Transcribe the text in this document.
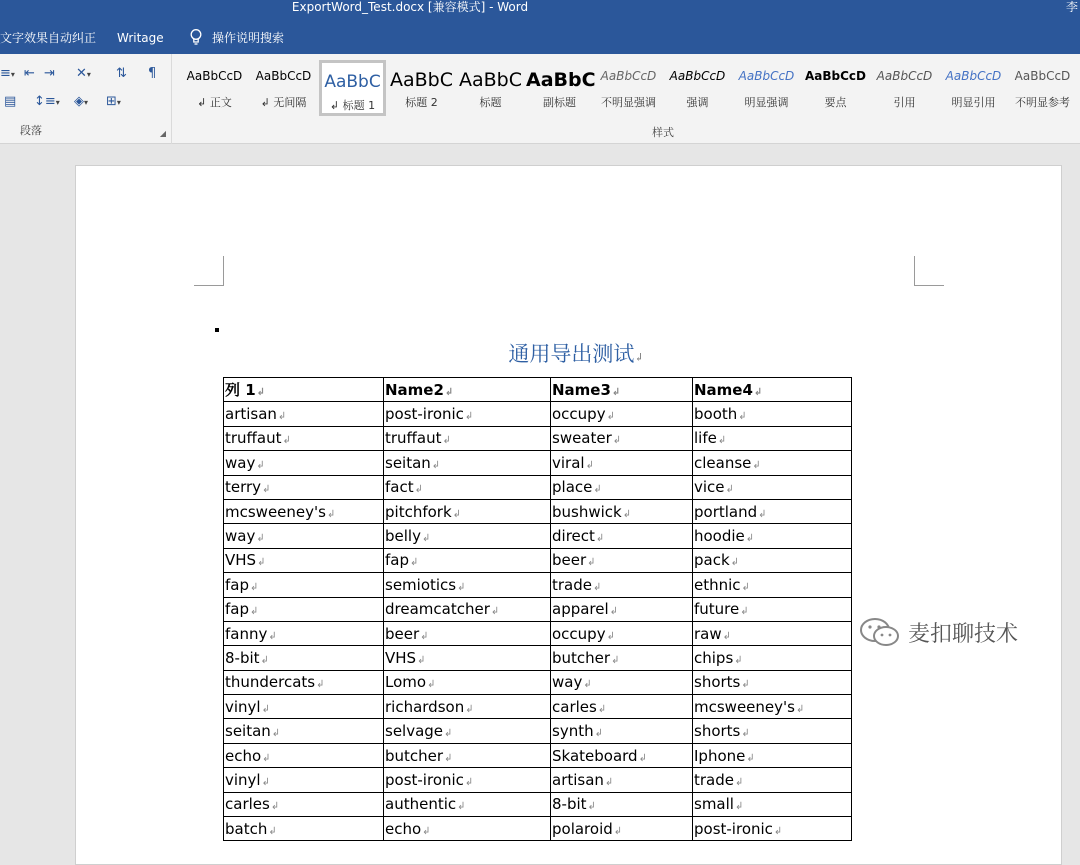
ExportWord_Test.docx [兼容模式] - Word	李
文字效果自动纠正 Writage	操作说明搜索
≡▾ ⇤ ⇥ ✕▾ ⇅ ¶
▤ ↕≡▾ ◈▾ ⊞▾
段落	◢
AaBbCcD
↲ 正文
AaBbCcD
↲ 无间隔
AaBbC
↲ 标题 1
AaBbC
标题 2
AaBbC
标题
AaBbC
副标题
AaBbCcD
不明显强调
AaBbCcD
强调
AaBbCcD
明显强调
AaBbCcD
要点
AaBbCcD
引用
AaBbCcD
明显引用
AaBbCcD
不明显参考
样式
通用导出测试↲
列 1↲	Name2↲	Name3↲	Name4↲
artisan↲	post-ironic↲	occupy↲	booth↲
truffaut↲	truffaut↲	sweater↲	life↲
way↲	seitan↲	viral↲	cleanse↲
terry↲	fact↲	place↲	vice↲
mcsweeney's↲	pitchfork↲	bushwick↲	portland↲
way↲	belly↲	direct↲	hoodie↲
VHS↲	fap↲	beer↲	pack↲
fap↲	semiotics↲	trade↲	ethnic↲
fap↲	dreamcatcher↲	apparel↲	future↲
fanny↲	beer↲	occupy↲	raw↲
8-bit↲	VHS↲	butcher↲	chips↲
thundercats↲	Lomo↲	way↲	shorts↲
vinyl↲	richardson↲	carles↲	mcsweeney's↲
seitan↲	selvage↲	synth↲	shorts↲
echo↲	butcher↲	Skateboard↲	Iphone↲
vinyl↲	post-ironic↲	artisan↲	trade↲
carles↲	authentic↲	8-bit↲	small↲
batch↲	echo↲	polaroid↲	post-ironic↲
麦扣聊技术
